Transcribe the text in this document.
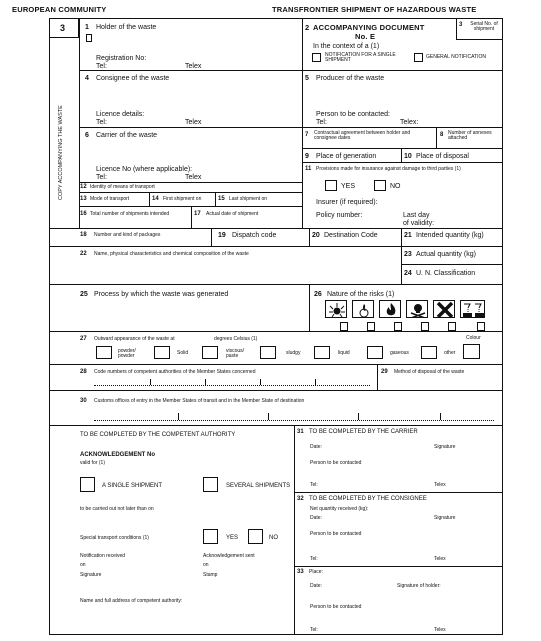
EUROPEAN COMMUNITY	TRANSFRONTIER SHIPMENT OF HAZARDOUS WASTE
3
COPY ACCOMPANYING THE WASTE
1 Holder of the waste
Registration No:
Tel:	Telex
2 ACCOMPANYING DOCUMENT
No. E
In the context of a (1)
NOTIFICATION FOR A SINGLE SHIPMENT	GENERAL NOTIFICATION
3	Serial No. of shipment
4 Consignee of the waste
Licence details:
Tel:	Telex
5 Producer of the waste
Person to be contacted:
Tel:	Telex:
6 Carrier of the waste
Licence No (where applicable):
Tel:	Telex
7 Contractual agreement between holder and consignee dates	8 Number of annexes attached
9 Place of generation	10 Place of disposal
11 Provisions made for insurance against damage to third parties (1)
YES	NO
Insurer (if required):
Policy number:	Last day
of validity:
12 Identity of means of transport
13 Mode of transport	14 First shipment on	15 Last shipment on
16 Total number of shipments intended	17 Actual date of shipment
18 Number and kind of packages	19 Dispatch code	20 Destination Code	21 Intended quantity (kg)
22 Name, physical characteristics and chemical composition of the waste	23 Actual quantity (kg)
24 U. N. Classification
25 Process by which the waste was generated	26 Nature of the risks (1)
27 Outward appearance of the waste at	degrees Celsius (1)	Colour
powder/ powder	Solid	viscous/ paste	sludgy	liquid	gaseous	other
28 Code numbers of competent authorities of the Member States concerned	29 Method of disposal of the waste
30 Customs offices of entry in the Member States of transit and in the Member State of destination
TO BE COMPLETED BY THE COMPETENT AUTHORITY
ACKNOWLEDGEMENT No
valid for (1)
A SINGLE SHIPMENT	SEVERAL SHIPMENTS
to be carried out not later than on
Special transport conditions (1)	YES	NO
Notification received
on
Acknowledgement sent
on
Signature	Stamp
Name and full address of competent authority:
31 TO BE COMPLETED BY THE CARRIER
Date:	Signature
Person to be contacted
Tel:	Telex
32 TO BE COMPLETED BY THE CONSIGNEE
Net quantity received (kg):
Date:	Signature
Person to be contacted
Tel:	Telex
33 Place:
Date:	Signature of holder:
Person to be contacted
Tel:	Telex
